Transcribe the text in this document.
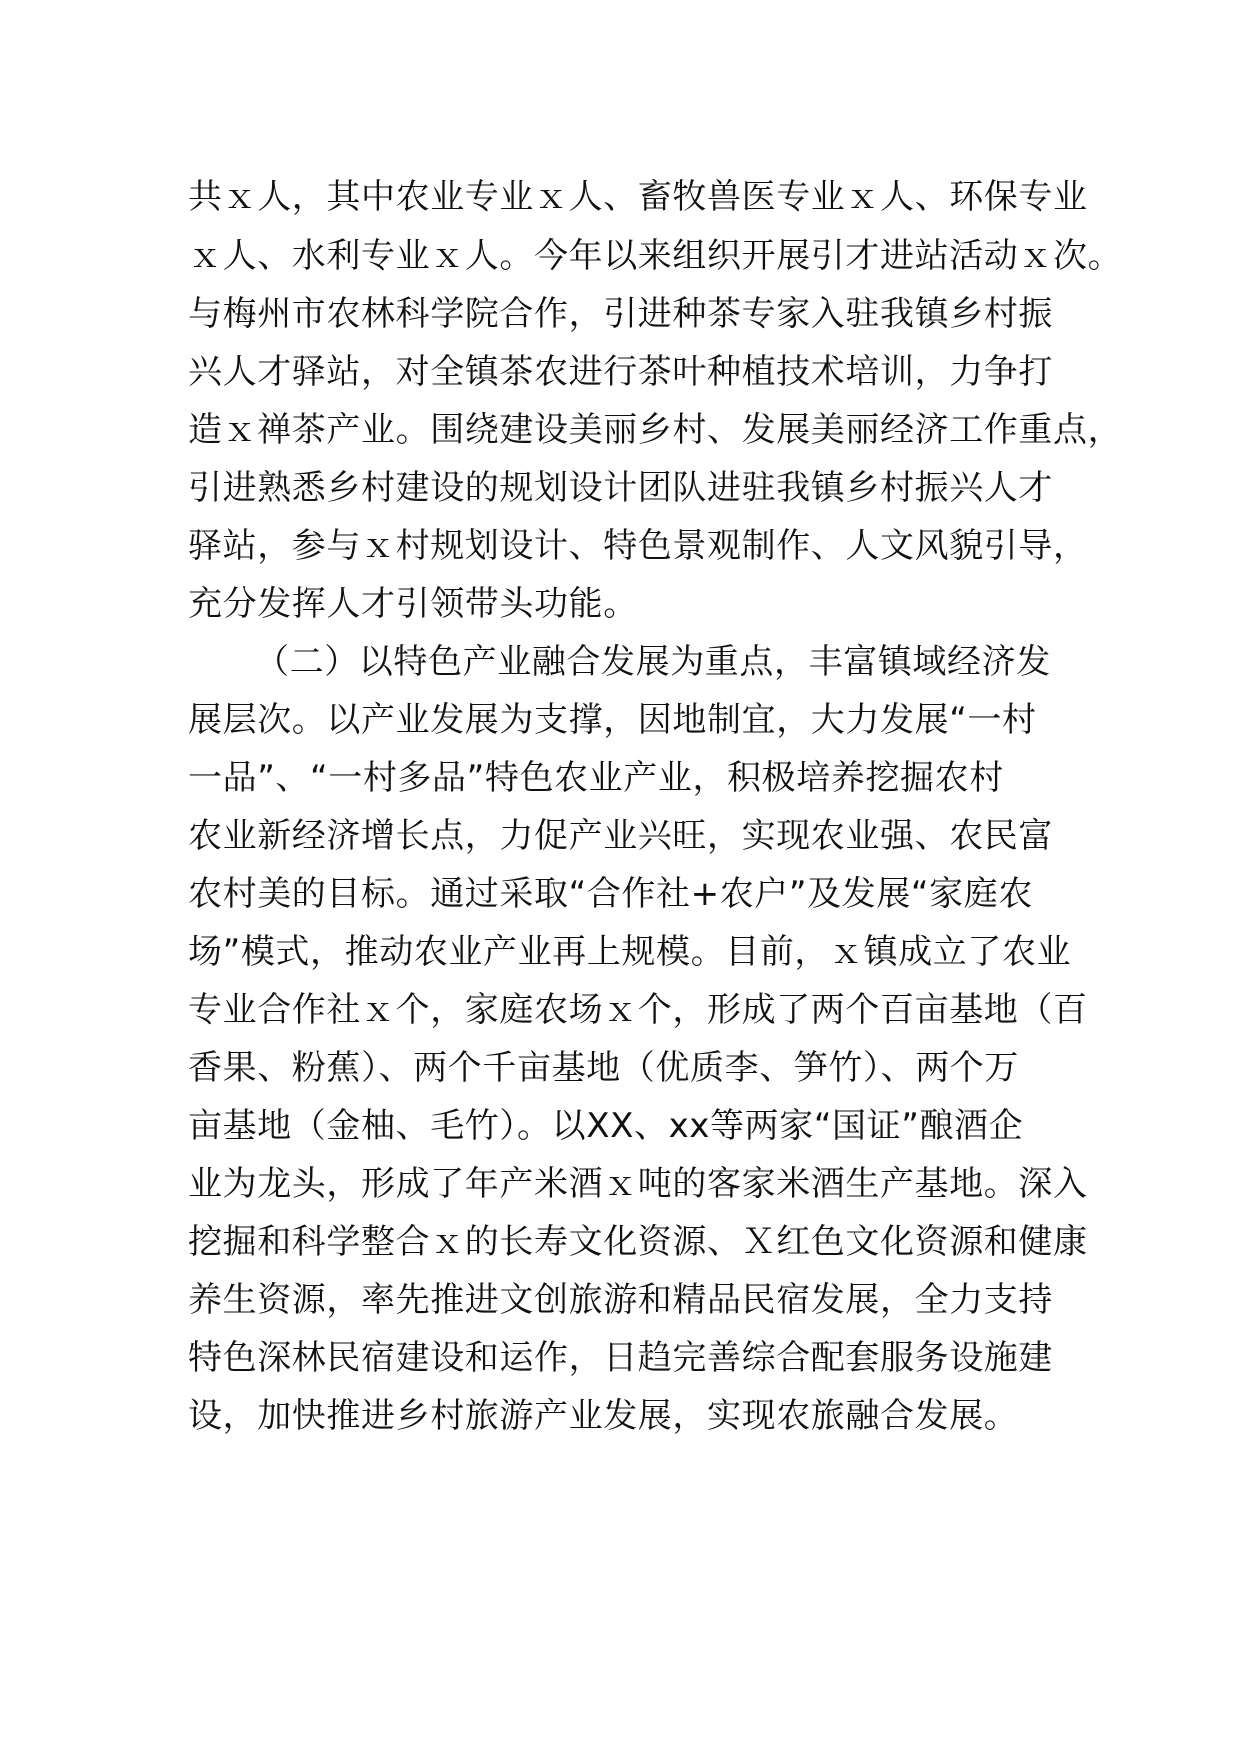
共ｘ人，其中农业专业ｘ人、畜牧兽医专业ｘ人、环保专业
ｘ人、水利专业ｘ人。今年以来组织开展引才进站活动ｘ次。
与梅州市农林科学院合作，引进种茶专家入驻我镇乡村振
兴人才驿站，对全镇茶农进行茶叶种植技术培训，力争打
造ｘ禅茶产业。围绕建设美丽乡村、发展美丽经济工作重点，
引进熟悉乡村建设的规划设计团队进驻我镇乡村振兴人才
驿站，参与ｘ村规划设计、特色景观制作、人文风貌引导，
充分发挥人才引领带头功能。
（二）以特色产业融合发展为重点，丰富镇域经济发
展层次。以产业发展为支撑，因地制宜，大力发展“一村
一品”、“一村多品”特色农业产业，积极培养挖掘农村
农业新经济增长点，力促产业兴旺，实现农业强、农民富
农村美的目标。通过采取“合作社+农户”及发展“家庭农
场”模式，推动农业产业再上规模。目前，ｘ镇成立了农业
专业合作社ｘ个，家庭农场ｘ个，形成了两个百亩基地（百
香果、粉蕉）、两个千亩基地（优质李、笋竹）、两个万
亩基地（金柚、毛竹）。以XX、xx等两家“国证”酿酒企
业为龙头，形成了年产米酒ｘ吨的客家米酒生产基地。深入
挖掘和科学整合ｘ的长寿文化资源、Ｘ红色文化资源和健康
养生资源，率先推进文创旅游和精品民宿发展，全力支持
特色深林民宿建设和运作，日趋完善综合配套服务设施建
设，加快推进乡村旅游产业发展，实现农旅融合发展。
